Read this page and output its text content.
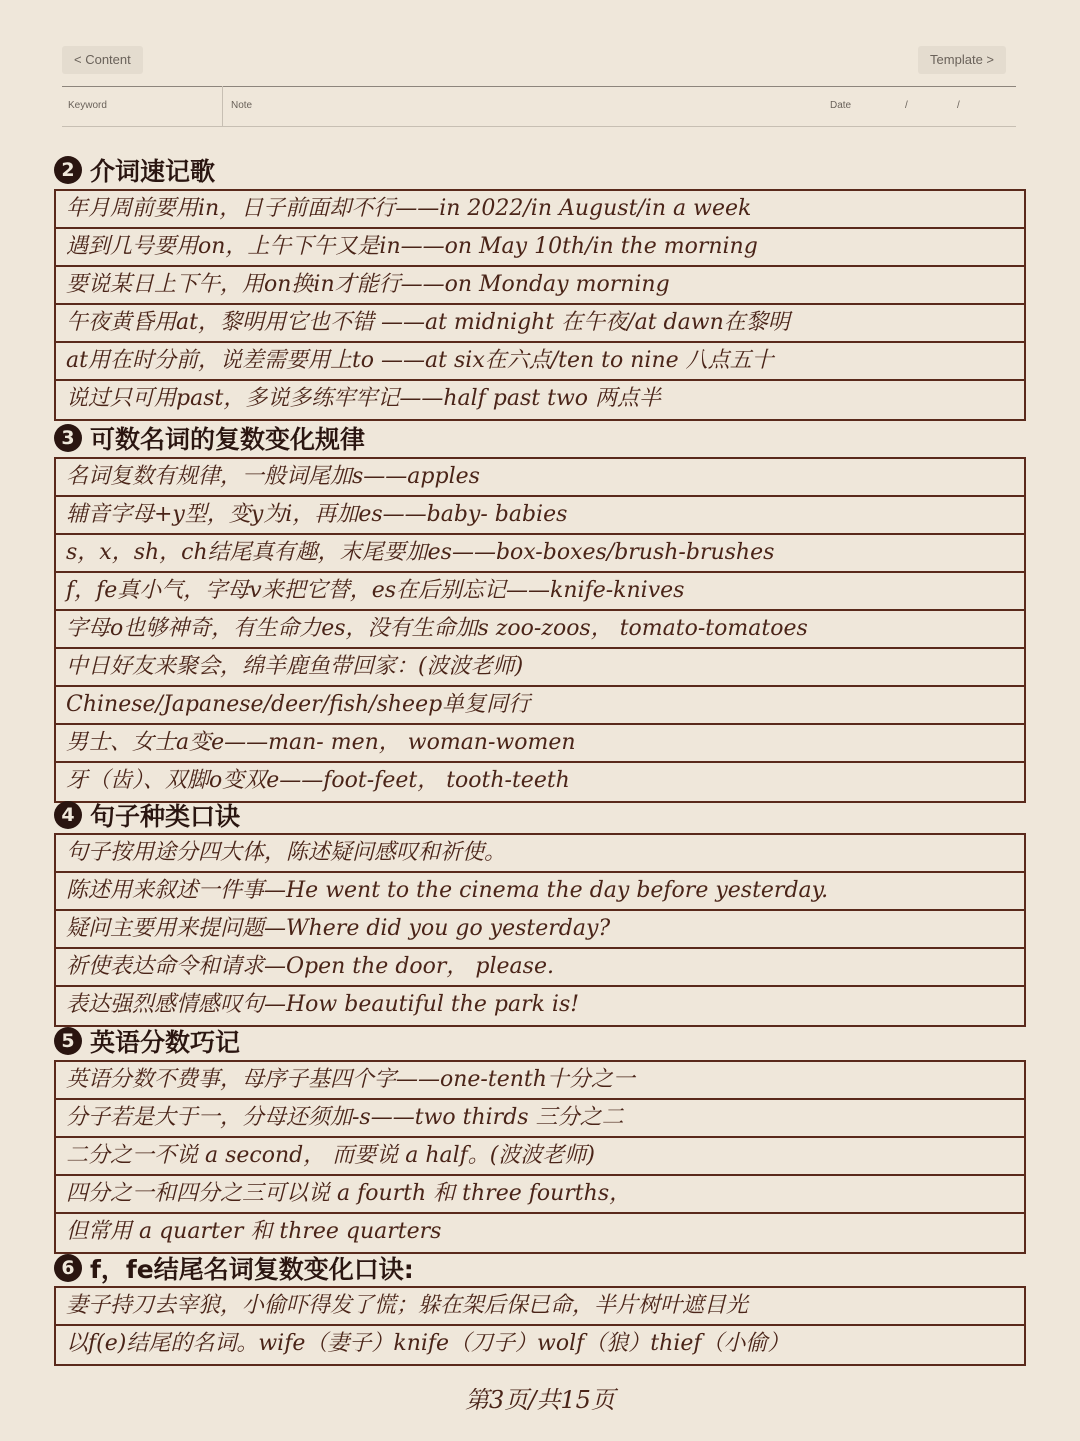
< Content	Template >
Keyword	Note	Date	/	/
2 介词速记歌
年月周前要用in，日子前面却不行——in 2022/in August/in a week
遇到几号要用on，上午下午又是in——on May 10th/in the morning
要说某日上下午，用on换in才能行——on Monday morning
午夜黄昏用at，黎明用它也不错 ——at midnight 在午夜/at dawn在黎明
at用在时分前，说差需要用上to ——at six在六点/ten to nine 八点五十
说过只可用past，多说多练牢牢记——half past two 两点半
3 可数名词的复数变化规律
名词复数有规律，一般词尾加s——apples
辅音字母+y型，变y为i，再加es——baby- babies
s，x，sh，ch结尾真有趣，末尾要加es——box-boxes/brush-brushes
f，fe真小气，字母v来把它替，es在后别忘记——knife-knives
字母o也够神奇，有生命力es，没有生命加s zoo-zoos， tomato-tomatoes
中日好友来聚会，绵羊鹿鱼带回家：(波波老师)
Chinese/Japanese/deer/fish/sheep单复同行
男士、女士a变e——man- men， woman-women
牙（齿）、双脚o变双e——foot-feet， tooth-teeth
4 句子种类口诀
句子按用途分四大体，陈述疑问感叹和祈使。
陈述用来叙述一件事—He went to the cinema the day before yesterday.
疑问主要用来提问题—Where did you go yesterday?
祈使表达命令和请求—Open the door， please.
表达强烈感情感叹句—How beautiful the park is!
5 英语分数巧记
英语分数不费事，母序子基四个字——one-tenth十分之一
分子若是大于一，分母还须加-s——two thirds 三分之二
二分之一不说 a second， 而要说 a half。(波波老师)
四分之一和四分之三可以说 a fourth 和 three fourths，
但常用 a quarter 和 three quarters
6 f，fe结尾名词复数变化口诀:
妻子持刀去宰狼，小偷吓得发了慌；躲在架后保已命，半片树叶遮目光
以f(e)结尾的名词。wife（妻子）knife（刀子）wolf（狼）thief（小偷）
第3页/共15页
